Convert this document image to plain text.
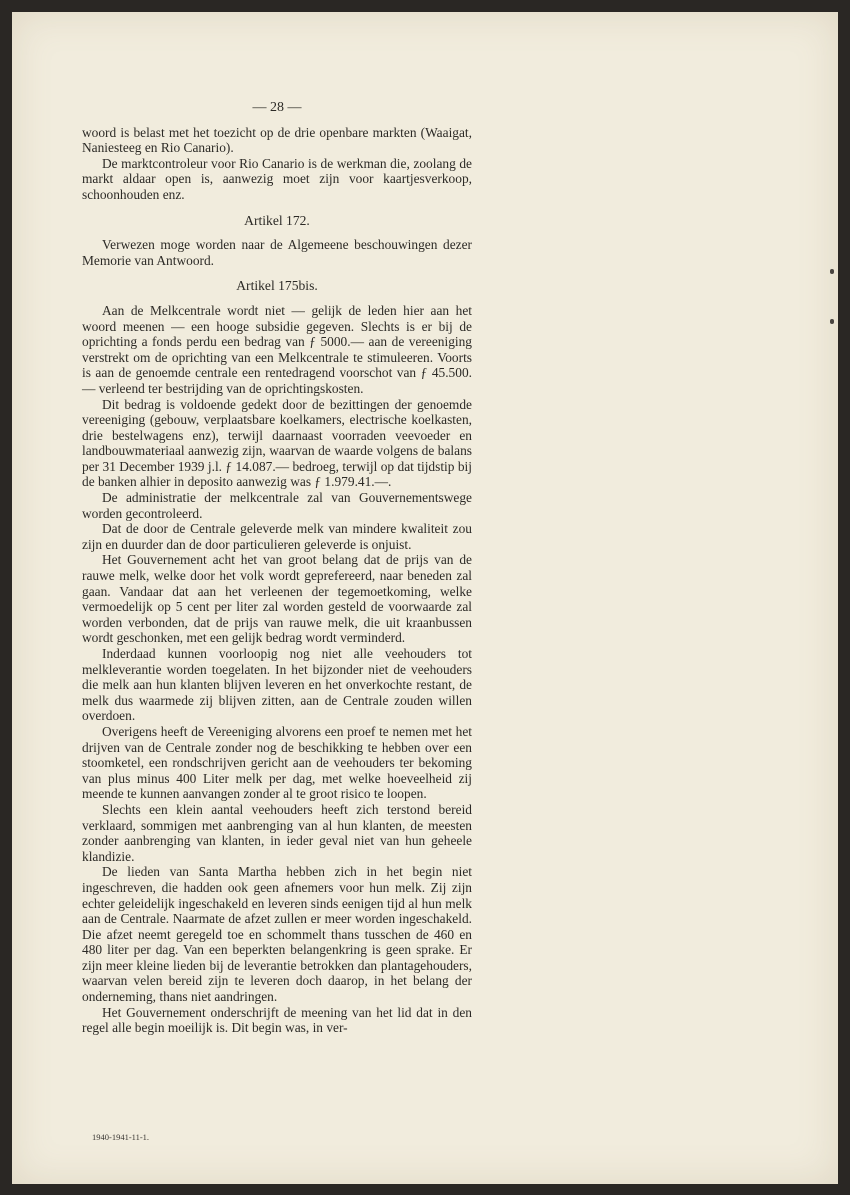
— 28 —

woord is belast met het toezicht op de drie openbare markten (Waaigat, Naniesteeg en Rio Canario).

De marktcontroleur voor Rio Canario is de werkman die, zoolang de markt aldaar open is, aanwezig moet zijn voor kaartjesverkoop, schoonhouden enz.

Artikel 172.

Verwezen moge worden naar de Algemeene beschouwingen dezer Memorie van Antwoord.

Artikel 175bis.

Aan de Melkcentrale wordt niet — gelijk de leden hier aan het woord meenen — een hooge subsidie gegeven. Slechts is er bij de oprichting a fonds perdu een bedrag van ƒ 5000.— aan de vereeniging verstrekt om de oprichting van een Melkcentrale te stimuleeren. Voorts is aan de genoemde centrale een rentedragend voorschot van ƒ 45.500.— verleend ter bestrijding van de oprichtingskosten.

Dit bedrag is voldoende gedekt door de bezittingen der genoemde vereeniging (gebouw, verplaatsbare koelkamers, electrische koelkasten, drie bestelwagens enz), terwijl daarnaast voorraden veevoeder en landbouwmateriaal aanwezig zijn, waarvan de waarde volgens de balans per 31 December 1939 j.l. ƒ 14.087.— bedroeg, terwijl op dat tijdstip bij de banken alhier in deposito aanwezig was ƒ 1.979.41.—.

De administratie der melkcentrale zal van Gouvernementswege worden gecontroleerd.

Dat de door de Centrale geleverde melk van mindere kwaliteit zou zijn en duurder dan de door particulieren geleverde is onjuist.

Het Gouvernement acht het van groot belang dat de prijs van de rauwe melk, welke door het volk wordt geprefereerd, naar beneden zal gaan. Vandaar dat aan het verleenen der tegemoetkoming, welke vermoedelijk op 5 cent per liter zal worden gesteld de voorwaarde zal worden verbonden, dat de prijs van rauwe melk, die uit kraanbussen wordt geschonken, met een gelijk bedrag wordt verminderd.

Inderdaad kunnen voorloopig nog niet alle veehouders tot melkleverantie worden toegelaten. In het bijzonder niet de veehouders die melk aan hun klanten blijven leveren en het onverkochte restant, de melk dus waarmede zij blijven zitten, aan de Centrale zouden willen overdoen.

Overigens heeft de Vereeniging alvorens een proef te nemen met het drijven van de Centrale zonder nog de beschikking te hebben over een stoomketel, een rondschrijven gericht aan de veehouders ter bekoming van plus minus 400 Liter melk per dag, met welke hoeveelheid zij meende te kunnen aanvangen zonder al te groot risico te loopen.

Slechts een klein aantal veehouders heeft zich terstond bereid verklaard, sommigen met aanbrenging van al hun klanten, de meesten zonder aanbrenging van klanten, in ieder geval niet van hun geheele klandizie.

De lieden van Santa Martha hebben zich in het begin niet ingeschreven, die hadden ook geen afnemers voor hun melk. Zij zijn echter geleidelijk ingeschakeld en leveren sinds eenigen tijd al hun melk aan de Centrale. Naarmate de afzet zullen er meer worden ingeschakeld. Die afzet neemt geregeld toe en schommelt thans tusschen de 460 en 480 liter per dag. Van een beperkten belangenkring is geen sprake. Er zijn meer kleine lieden bij de leverantie betrokken dan plantagehouders, waarvan velen bereid zijn te leveren doch daarop, in het belang der onderneming, thans niet aandringen.

Het Gouvernement onderschrijft de meening van het lid dat in den regel alle begin moeilijk is. Dit begin was, in ver-

1940-1941-11-1.
